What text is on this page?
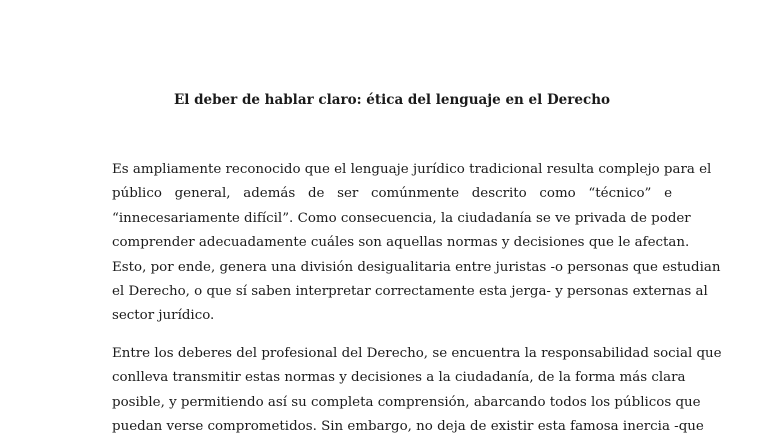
El deber de hablar claro: ética del lenguaje en el Derecho
Es ampliamente reconocido que el lenguaje jurídico tradicional resulta complejo para el
público general, además de ser comúnmente descrito como “técnico” e
“innecesariamente difícil”. Como consecuencia, la ciudadanía se ve privada de poder
comprender adecuadamente cuáles son aquellas normas y decisiones que le afectan.
Esto, por ende, genera una división desigualitaria entre juristas -o personas que estudian
el Derecho, o que sí saben interpretar correctamente esta jerga- y personas externas al
sector jurídico.
Entre los deberes del profesional del Derecho, se encuentra la responsabilidad social que
conlleva transmitir estas normas y decisiones a la ciudadanía, de la forma más clara
posible, y permitiendo así su completa comprensión, abarcando todos los públicos que
puedan verse comprometidos. Sin embargo, no deja de existir esta famosa inercia -que
